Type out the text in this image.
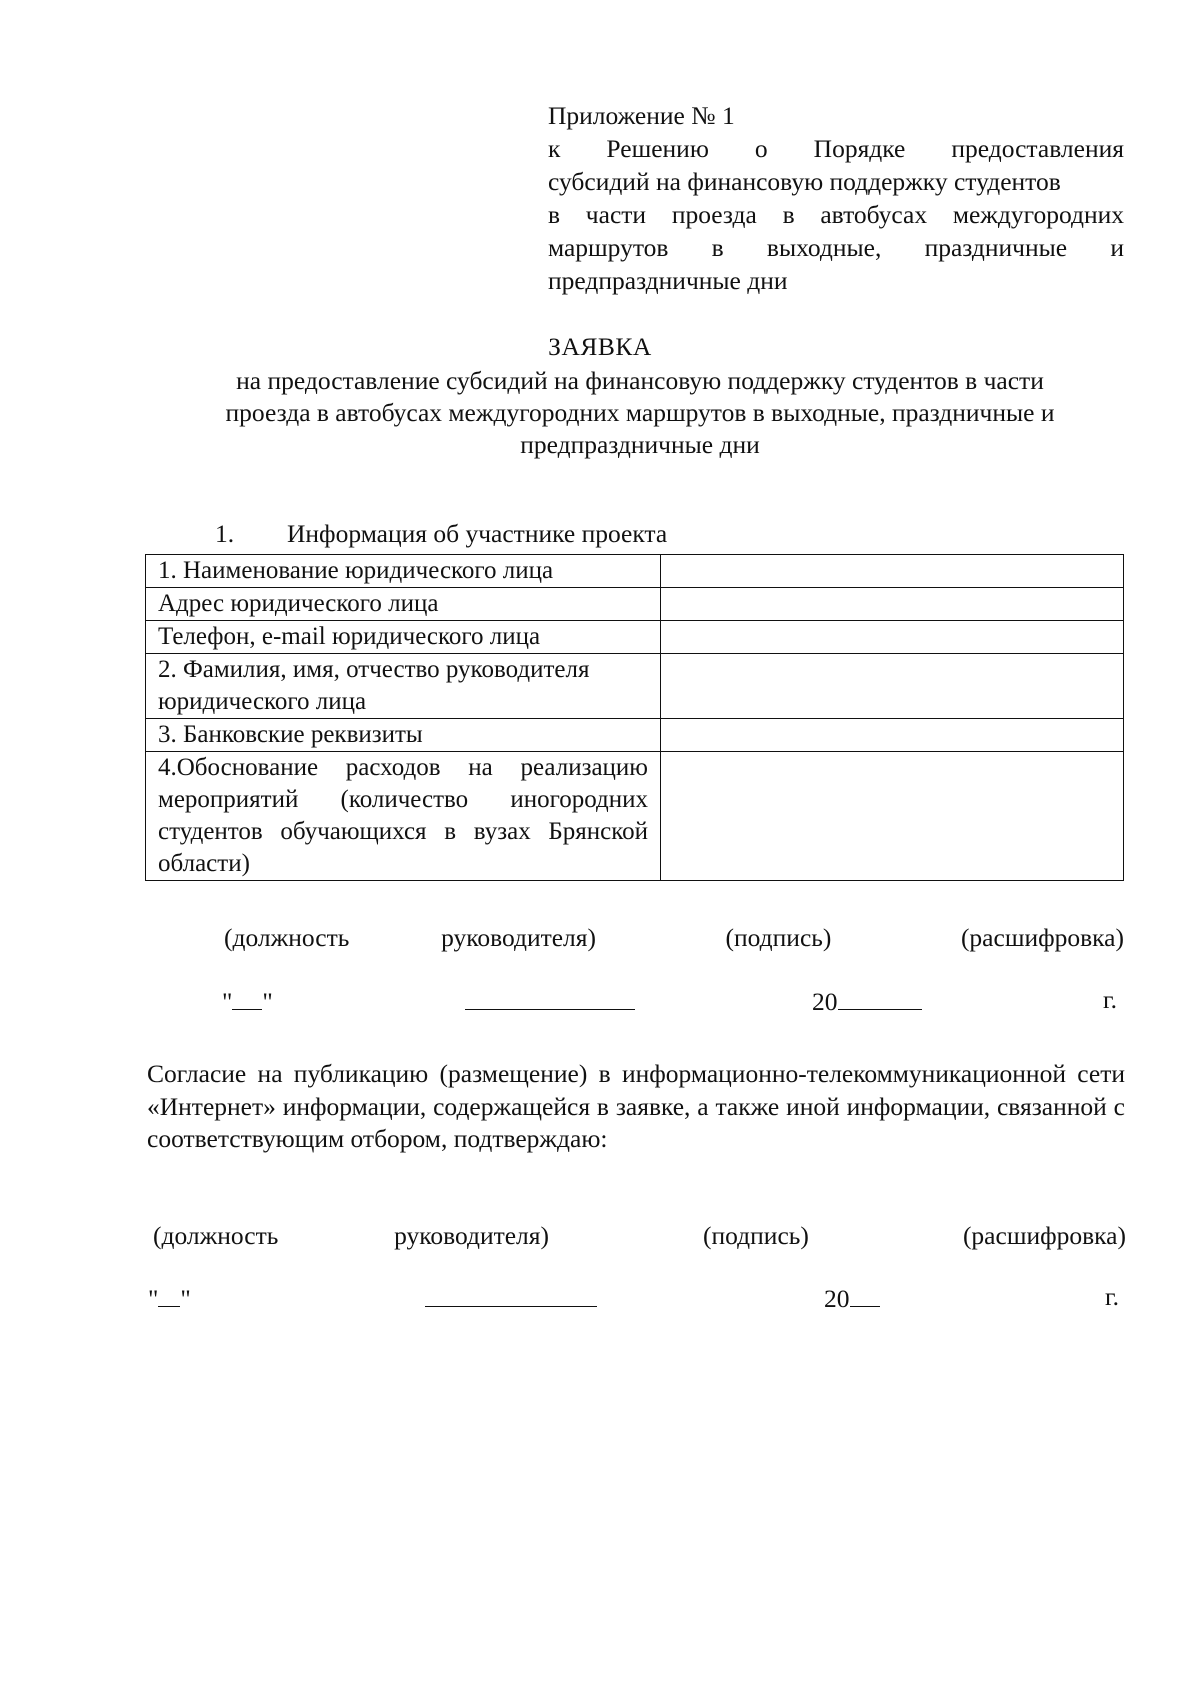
Приложение № 1
к Решению о Порядке предоставления
субсидий на финансовую поддержку студентов
в части проезда в автобусах междугородних
маршрутов в выходные, праздничные и
предпраздничные дни
ЗАЯВКА
на предоставление субсидий на финансовую поддержку студентов в части
проезда в автобусах междугородних маршрутов в выходные, праздничные и
предпраздничные дни
1. Информация об участнике проекта
1. Наименование юридического лица	
Адрес юридического лица	
Телефон, e-mail юридического лица	
2. Фамилия, имя, отчество руководителя юридического лица	
3. Банковские реквизиты	
4.Обоснование расходов на реализацию мероприятий (количество иногородних студентов обучающихся в вузах Брянской области)	
(должность	руководителя)	(подпись)	(расшифровка)
" "	20	г.
Согласие на публикацию (размещение) в информационно-телекоммуникационной сети «Интернет» информации, содержащейся в заявке, а также иной информации, связанной с соответствующим отбором, подтверждаю:
(должность	руководителя)	(подпись)	(расшифровка)
" "	20	г.
